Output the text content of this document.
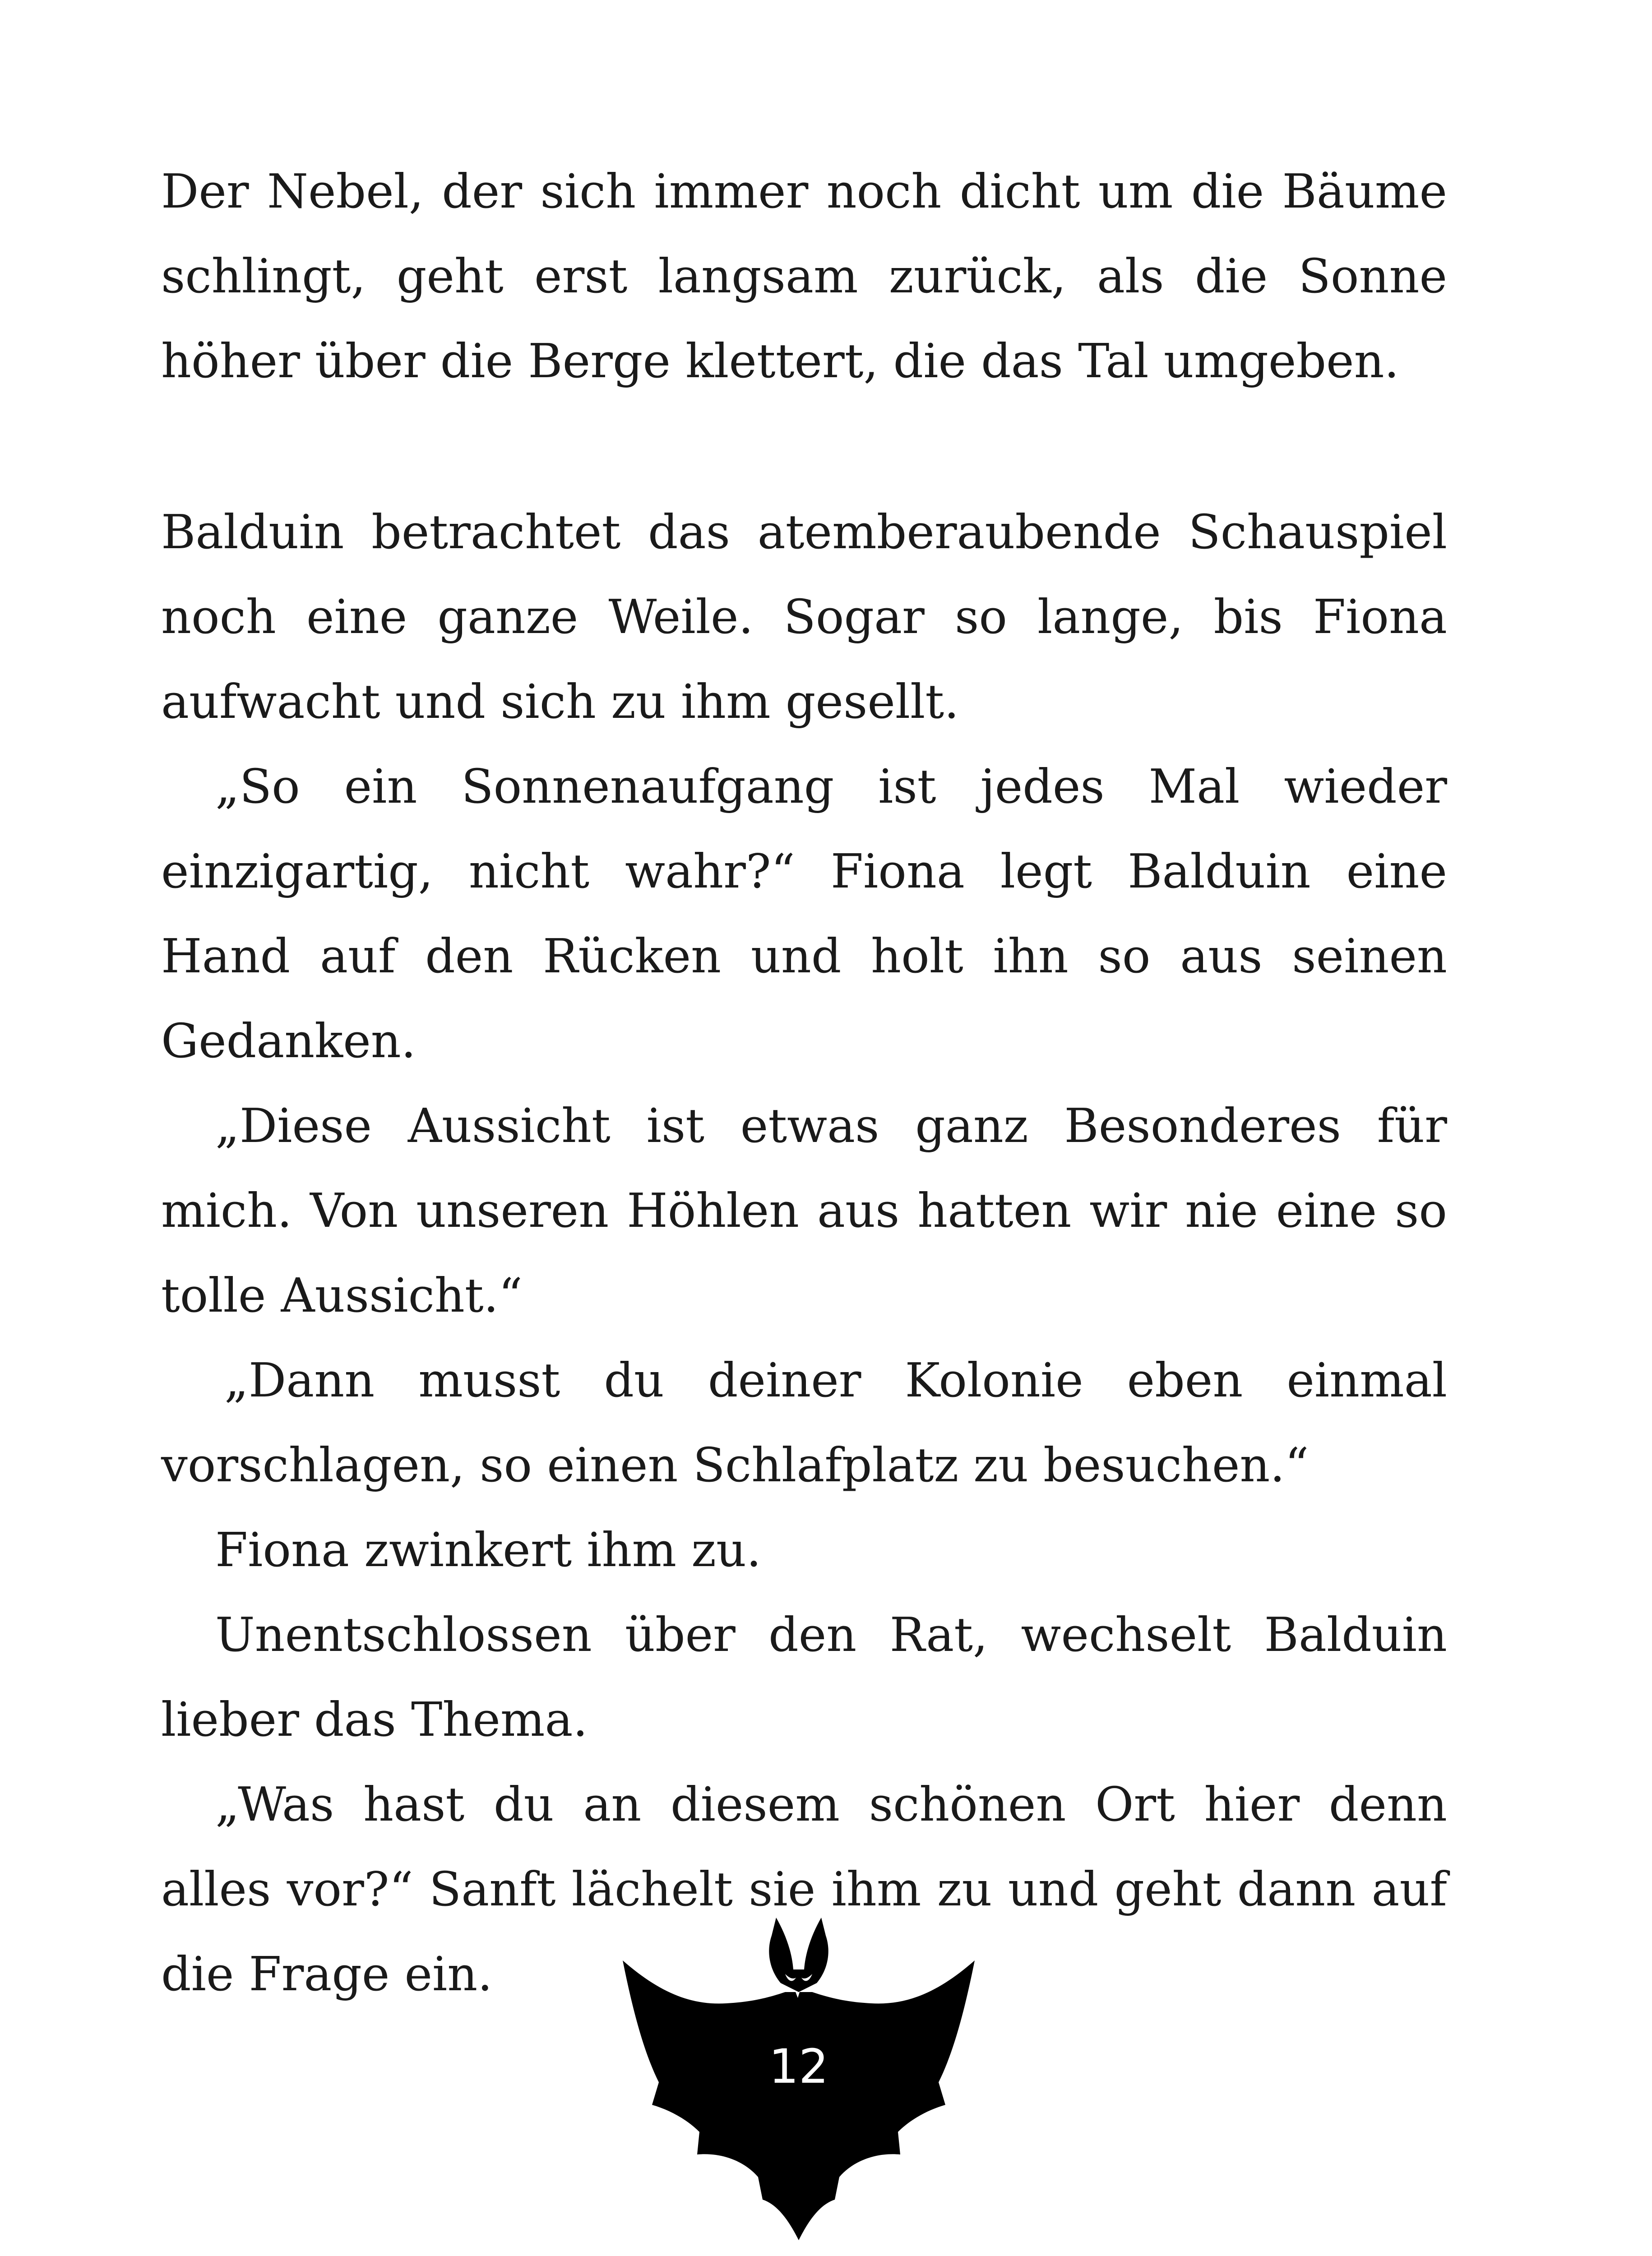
Der Nebel, der sich immer noch dicht um die Bäume schlingt, geht erst langsam zurück, als die Sonne höher über die Berge klettert, die das Tal umgeben.

Balduin betrachtet das atemberaubende Schauspiel noch eine ganze Weile. Sogar so lange, bis Fiona aufwacht und sich zu ihm gesellt.

„So ein Sonnenaufgang ist jedes Mal wieder einzigartig, nicht wahr?“ Fiona legt Balduin eine Hand auf den Rücken und holt ihn so aus seinen Gedanken.

„Diese Aussicht ist etwas ganz Besonderes für mich. Von unseren Höhlen aus hatten wir nie eine so tolle Aussicht.“

„Dann musst du deiner Kolonie eben einmal vorschlagen, so einen Schlafplatz zu besuchen.“

Fiona zwinkert ihm zu.

Unentschlossen über den Rat, wechselt Balduin lieber das Thema.

„Was hast du an diesem schönen Ort hier denn alles vor?“ Sanft lächelt sie ihm zu und geht dann auf die Frage ein.

12
